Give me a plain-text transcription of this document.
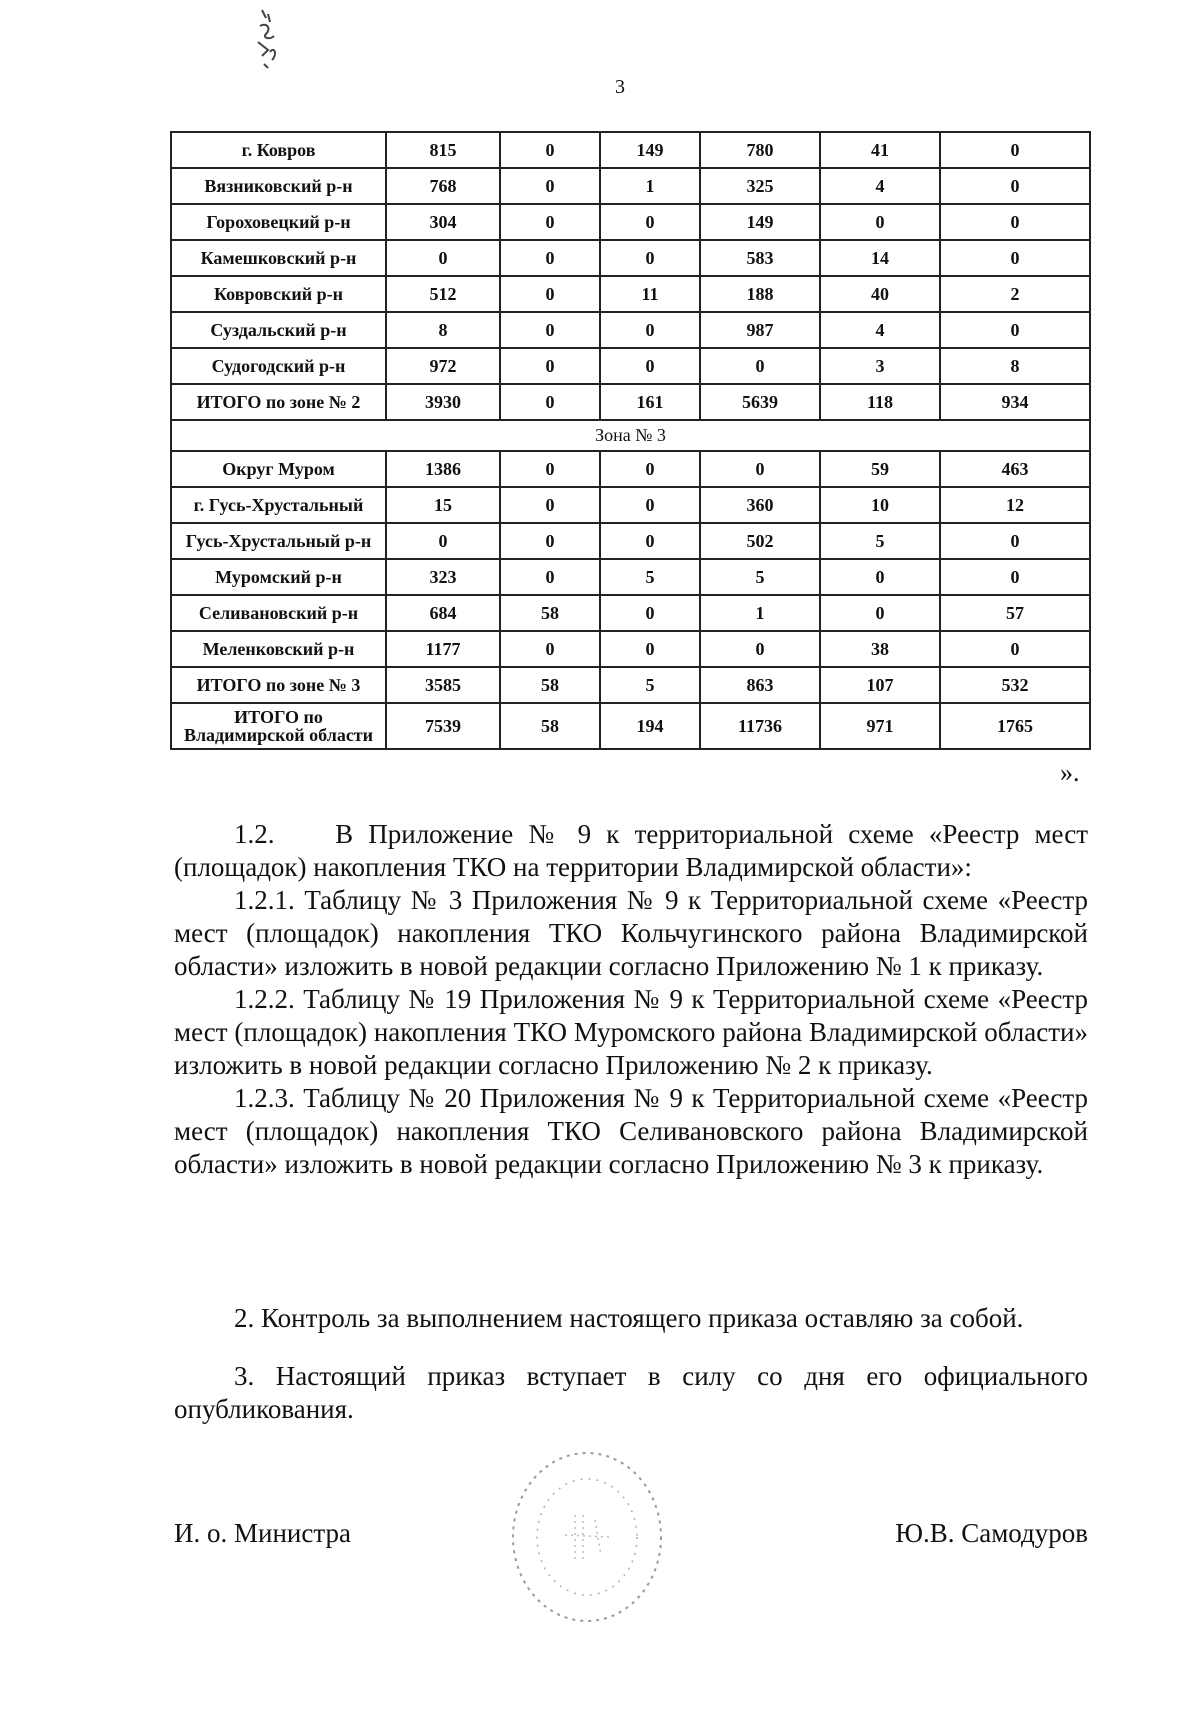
3
г. Ковров	815	0	149	780	41	0
Вязниковский р-н	768	0	1	325	4	0
Гороховецкий р-н	304	0	0	149	0	0
Камешковский р-н	0	0	0	583	14	0
Ковровский р-н	512	0	11	188	40	2
Суздальский р-н	8	0	0	987	4	0
Судогодский р-н	972	0	0	0	3	8
ИТОГО по зоне № 2	3930	0	161	5639	118	934
Зона № 3						
Округ Муром	1386	0	0	0	59	463
г. Гусь-Хрустальный	15	0	0	360	10	12
Гусь-Хрустальный р-н	0	0	0	502	5	0
Муромский р-н	323	0	5	5	0	0
Селивановский р-н	684	58	0	1	0	57
Меленковский р-н	1177	0	0	0	38	0
ИТОГО по зоне № 3	3585	58	5	863	107	532

ИТОГО по
Владимирской области	7539	58	194	11736	971	1765
».

1.2.    В Приложение № 9 к территориальной схеме «Реестр мест (площадок) накопления ТКО на территории Владимирской области»:

1.2.1. Таблицу № 3 Приложения № 9 к Территориальной схеме «Реестр мест (площадок) накопления ТКО Кольчугинского района Владимирской области» изложить в новой редакции согласно Приложению № 1 к приказу.

1.2.2. Таблицу № 19 Приложения № 9 к Территориальной схеме «Реестр мест (площадок) накопления ТКО Муромского района Владимирской области» изложить в новой редакции согласно Приложению № 2 к приказу.

1.2.3. Таблицу № 20 Приложения № 9 к Территориальной схеме «Реестр мест (площадок) накопления ТКО Селивановского района Владимирской области» изложить в новой редакции согласно Приложению № 3 к приказу.

2. Контроль за выполнением настоящего приказа оставляю за собой.

3. Настоящий приказ вступает в силу со дня его официального опубликования.

И. о. Министра	Ю.В. Самодуров
